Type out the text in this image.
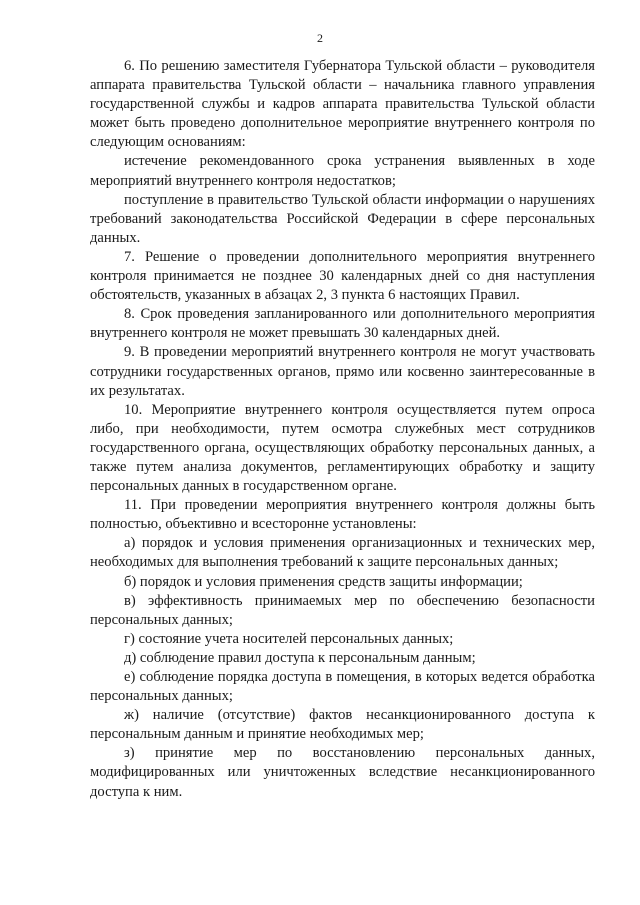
2

6. По решению заместителя Губернатора Тульской области – руководителя аппарата правительства Тульской области – начальника главного управления государственной службы и кадров аппарата правительства Тульской области может быть проведено дополнительное мероприятие внутреннего контроля по следующим основаниям:

истечение рекомендованного срока устранения выявленных в ходе мероприятий внутреннего контроля недостатков;

поступление в правительство Тульской области информации о нарушениях требований законодательства Российской Федерации в сфере персональных данных.

7. Решение о проведении дополнительного мероприятия внутреннего контроля принимается не позднее 30 календарных дней со дня наступления обстоятельств, указанных в абзацах 2, 3 пункта 6 настоящих Правил.

8. Срок проведения запланированного или дополнительного мероприятия внутреннего контроля не может превышать 30 календарных дней.

9. В проведении мероприятий внутреннего контроля не могут участвовать сотрудники государственных органов, прямо или косвенно заинтересованные в их результатах.

10. Мероприятие внутреннего контроля осуществляется путем опроса либо, при необходимости, путем осмотра служебных мест сотрудников государственного органа, осуществляющих обработку персональных данных, а также путем анализа документов, регламентирующих обработку и защиту персональных данных в государственном органе.

11. При проведении мероприятия внутреннего контроля должны быть полностью, объективно и всесторонне установлены:

а) порядок и условия применения организационных и технических мер, необходимых для выполнения требований к защите персональных данных;

б) порядок и условия применения средств защиты информации;

в) эффективность принимаемых мер по обеспечению безопасности персональных данных;

г) состояние учета носителей персональных данных;

д) соблюдение правил доступа к персональным данным;

е) соблюдение порядка доступа в помещения, в которых ведется обработка персональных данных;

ж) наличие (отсутствие) фактов несанкционированного доступа к персональным данным и принятие необходимых мер;

з) принятие мер по восстановлению персональных данных, модифицированных или уничтоженных вследствие несанкционированного доступа к ним.
